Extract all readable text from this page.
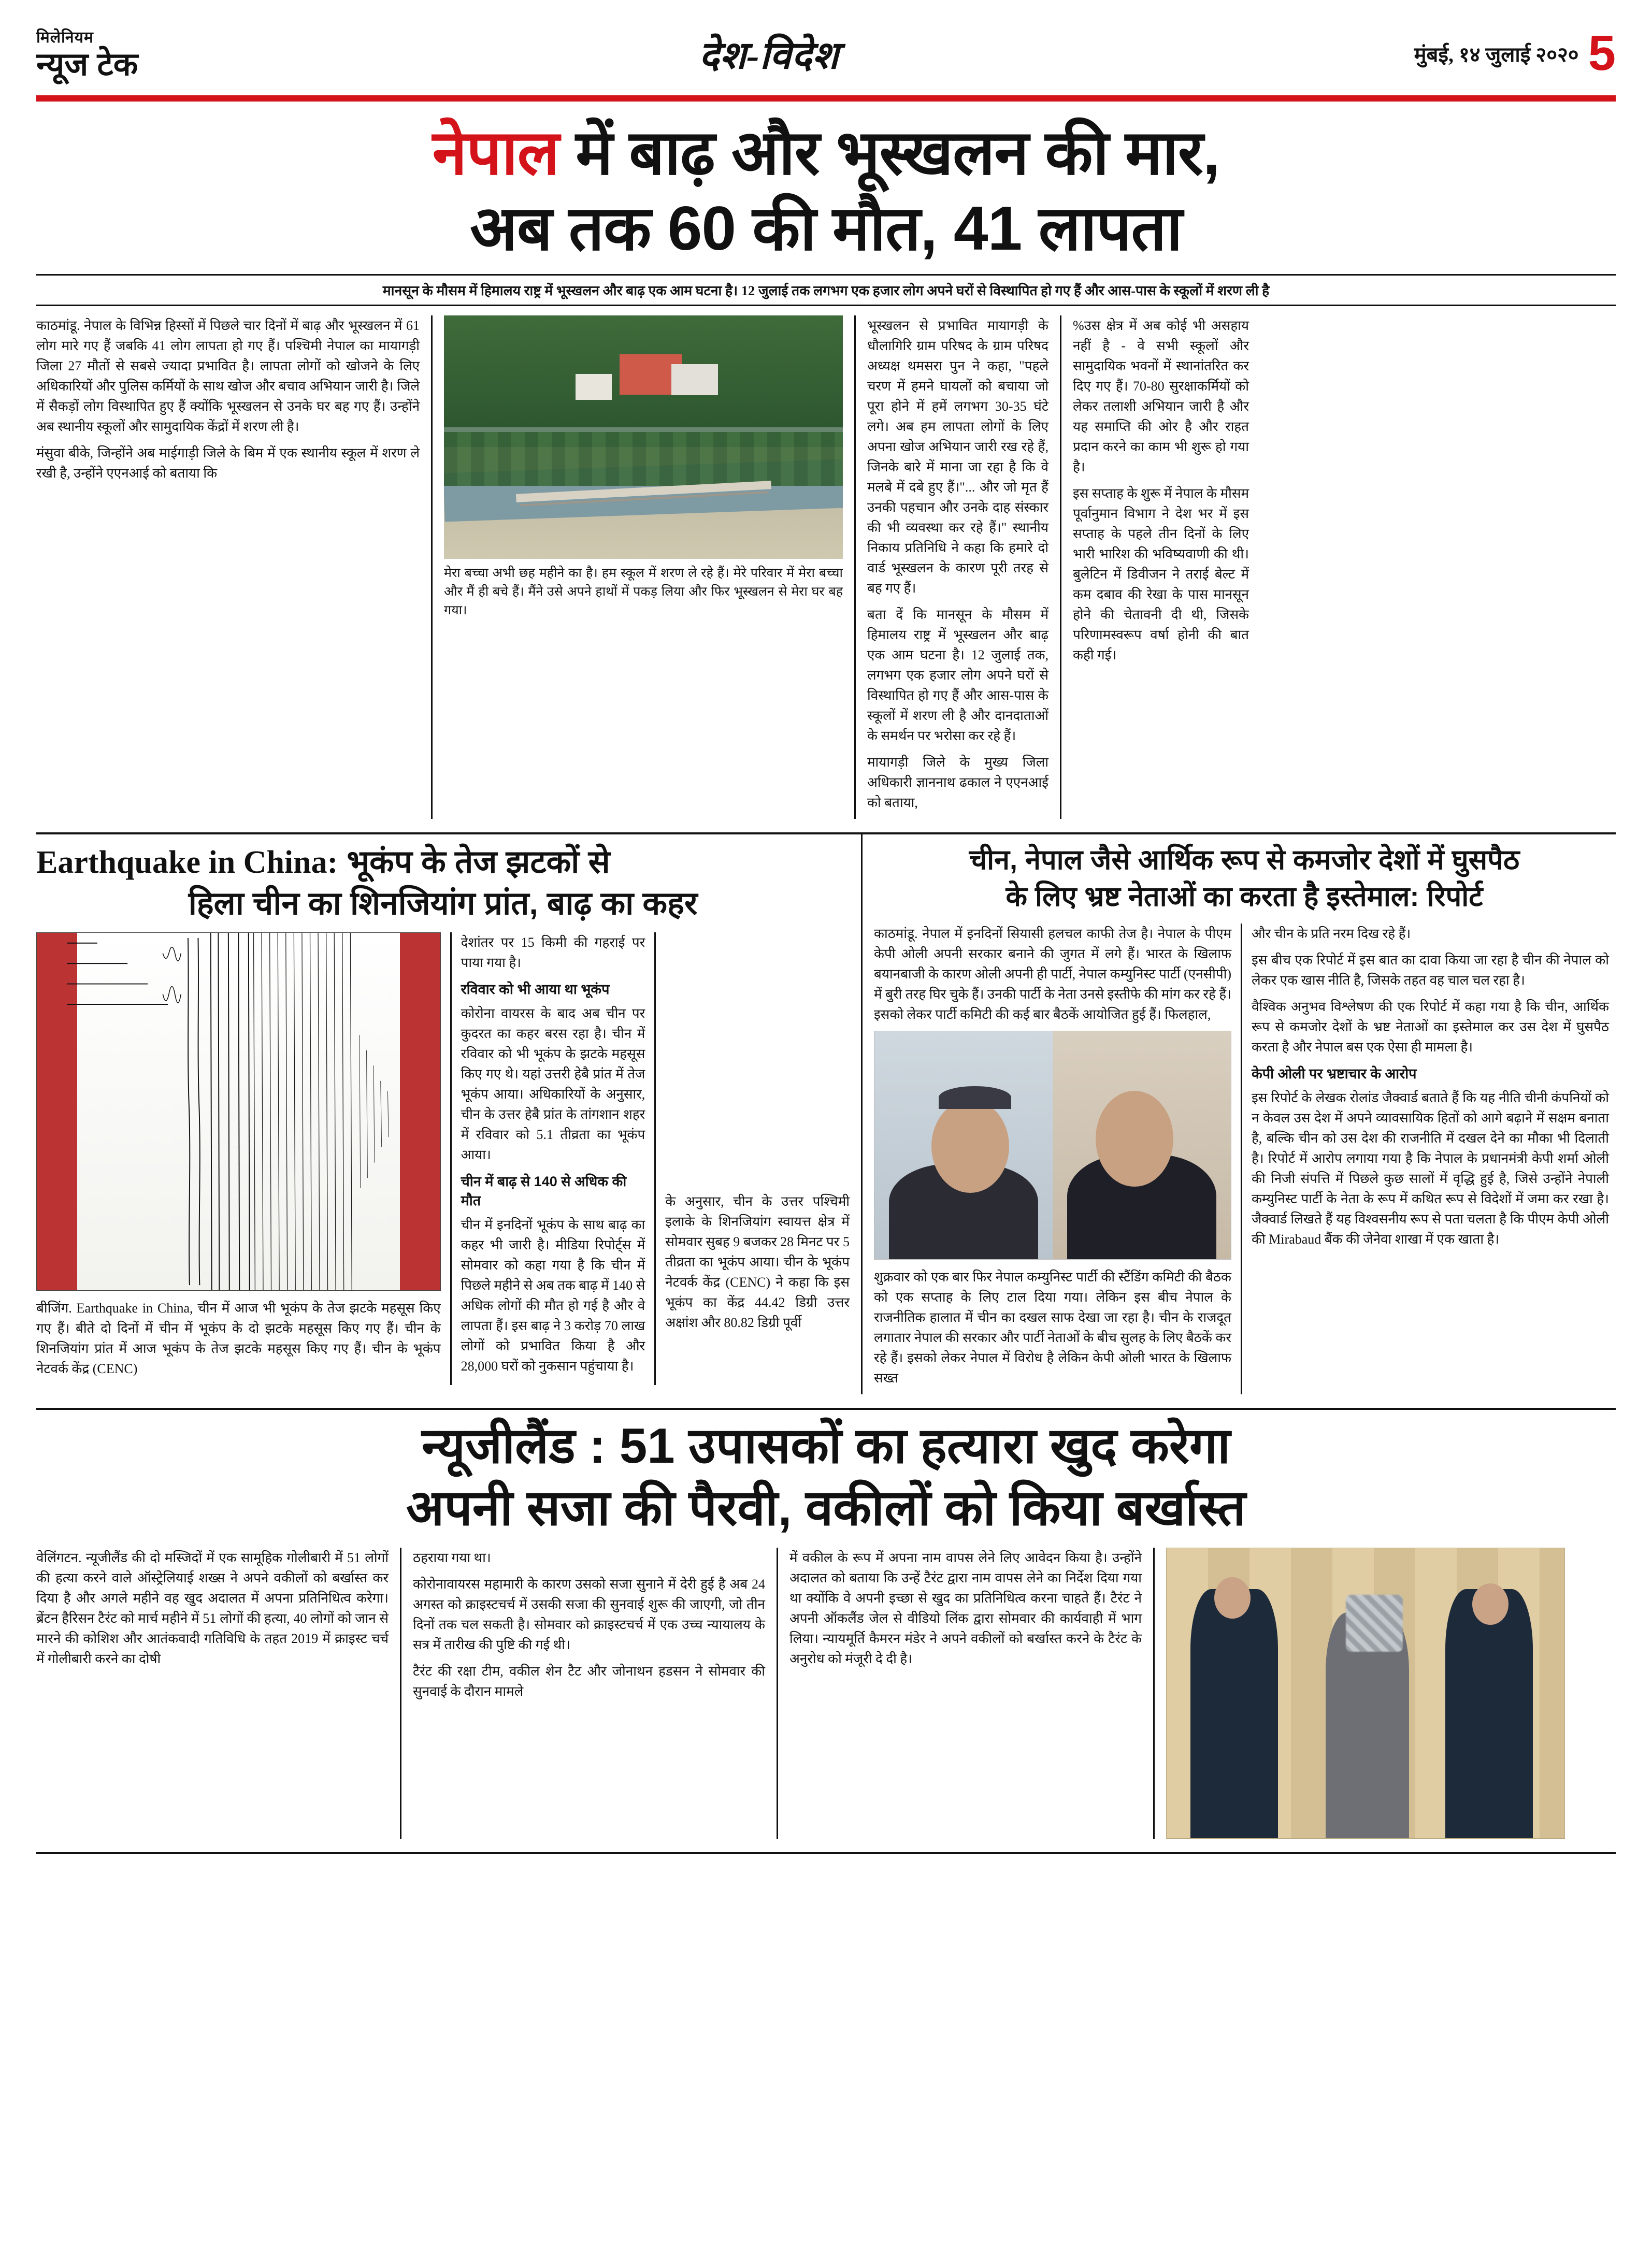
मिलेनियम
न्यूज टेक	देश-विदेश	मुंबई, १४ जुलाई २०२० 5
नेपाल में बाढ़ और भूस्खलन की मार,
अब तक 60 की मौत, 41 लापता
मानसून के मौसम में हिमालय राष्ट्र में भूस्खलन और बाढ़ एक आम घटना है। 12 जुलाई तक लगभग एक हजार लोग अपने घरों से विस्थापित हो गए हैं और आस-पास के स्कूलों में शरण ली है

काठमांडू. नेपाल के विभिन्न हिस्सों में पिछले चार दिनों में बाढ़ और भूस्खलन में 61 लोग मारे गए हैं जबकि 41 लोग लापता हो गए हैं। पश्चिमी नेपाल का मायागड़ी जिला 27 मौतों से सबसे ज्यादा प्रभावित है। लापता लोगों को खोजने के लिए अधिकारियों और पुलिस कर्मियों के साथ खोज और बचाव अभियान जारी है। जिले में सैकड़ों लोग विस्थापित हुए हैं क्योंकि भूस्खलन से उनके घर बह गए हैं। उन्होंने अब स्थानीय स्कूलों और सामुदायिक केंद्रों में शरण ली है।

मंसुवा बीके, जिन्होंने अब माईगाड़ी जिले के बिम में एक स्थानीय स्कूल में शरण ले रखी है, उन्होंने एएनआई को बताया कि

मेरा बच्चा अभी छह महीने का है। हम स्कूल में शरण ले रहे हैं। मेरे परिवार में मेरा बच्चा और मैं ही बचे हैं। मैंने उसे अपने हाथों में पकड़ लिया और फिर भूस्खलन से मेरा घर बह गया।

भूस्खलन से प्रभावित मायागड़ी के धौलागिरि ग्राम परिषद के ग्राम परिषद अध्यक्ष थमसरा पुन ने कहा, "पहले चरण में हमने घायलों को बचाया जो पूरा होने में हमें लगभग 30-35 घंटे लगे। अब हम लापता लोगों के लिए अपना खोज अभियान जारी रख रहे हैं, जिनके बारे में माना जा रहा है कि वे मलबे में दबे हुए हैं।"... और जो मृत हैं उनकी पहचान और उनके दाह संस्कार की भी व्यवस्था कर रहे हैं।" स्थानीय निकाय प्रतिनिधि ने कहा कि हमारे दो वार्ड भूस्खलन के कारण पूरी तरह से बह गए हैं।

बता दें कि मानसून के मौसम में हिमालय राष्ट्र में भूस्खलन और बाढ़ एक आम घटना है। 12 जुलाई तक, लगभग एक हजार लोग अपने घरों से विस्थापित हो गए हैं और आस-पास के स्कूलों में शरण ली है और दानदाताओं के समर्थन पर भरोसा कर रहे हैं।

मायागड़ी जिले के मुख्य जिला अधिकारी ज्ञाननाथ ढकाल ने एएनआई को बताया,

%उस क्षेत्र में अब कोई भी असहाय नहीं है - वे सभी स्कूलों और सामुदायिक भवनों में स्थानांतरित कर दिए गए हैं। 70-80 सुरक्षाकर्मियों को लेकर तलाशी अभियान जारी है और यह समाप्ति की ओर है और राहत प्रदान करने का काम भी शुरू हो गया है।

इस सप्ताह के शुरू में नेपाल के मौसम पूर्वानुमान विभाग ने देश भर में इस सप्ताह के पहले तीन दिनों के लिए भारी भारिश की भविष्यवाणी की थी। बुलेटिन में डिवीजन ने तराई बेल्ट में कम दबाव की रेखा के पास मानसून होने की चेतावनी दी थी, जिसके परिणामस्वरूप वर्षा होनी की बात कही गई।

Earthquake in China: भूकंप के तेज झटकों से
हिला चीन का शिनजियांग प्रांत, बाढ़ का कहर

बीजिंग. Earthquake in China, चीन में आज भी भूकंप के तेज झटके महसूस किए गए हैं। बीते दो दिनों में चीन में भूकंप के दो झटके महसूस किए गए हैं। चीन के शिनजियांग प्रांत में आज भूकंप के तेज झटके महसूस किए गए हैं। चीन के भूकंप नेटवर्क केंद्र (CENC)

देशांतर पर 15 किमी की गहराई पर पाया गया है।

रविवार को भी आया था भूकंप

कोरोना वायरस के बाद अब चीन पर कुदरत का कहर बरस रहा है। चीन में रविवार को भी भूकंप के झटके महसूस किए गए थे। यहां उत्तरी हेबै प्रांत में तेज भूकंप आया। अधिकारियों के अनुसार, चीन के उत्तर हेबै प्रांत के तांगशान शहर में रविवार को 5.1 तीव्रता का भूकंप आया।

चीन में बाढ़ से 140 से अधिक की मौत

चीन में इनदिनों भूकंप के साथ बाढ़ का कहर भी जारी है। मीडिया रिपोर्ट्स में सोमवार को कहा गया है कि चीन में पिछले महीने से अब तक बाढ़ में 140 से अधिक लोगों की मौत हो गई है और वे लापता हैं। इस बाढ़ ने 3 करोड़ 70 लाख लोगों को प्रभावित किया है और 28,000 घरों को नुकसान पहुंचाया है।

के अनुसार, चीन के उत्तर पश्चिमी इलाके के शिनजियांग स्वायत्त क्षेत्र में सोमवार सुबह 9 बजकर 28 मिनट पर 5 तीव्रता का भूकंप आया। चीन के भूकंप नेटवर्क केंद्र (CENC) ने कहा कि इस भूकंप का केंद्र 44.42 डिग्री उत्तर अक्षांश और 80.82 डिग्री पूर्वी

चीन, नेपाल जैसे आर्थिक रूप से कमजोर देशों में घुसपैठ
के लिए भ्रष्ट नेताओं का करता है इस्तेमाल: रिपोर्ट

काठमांडू. नेपाल में इनदिनों सियासी हलचल काफी तेज है। नेपाल के पीएम केपी ओली अपनी सरकार बनाने की जुगत में लगे हैं। भारत के खिलाफ बयानबाजी के कारण ओली अपनी ही पार्टी, नेपाल कम्युनिस्ट पार्टी (एनसीपी) में बुरी तरह घिर चुके हैं। उनकी पार्टी के नेता उनसे इस्तीफे की मांग कर रहे हैं। इसको लेकर पार्टी कमिटी की कई बार बैठकें आयोजित हुई हैं। फिलहाल,

शुक्रवार को एक बार फिर नेपाल कम्युनिस्ट पार्टी की स्टैंडिंग कमिटी की बैठक को एक सप्ताह के लिए टाल दिया गया। लेकिन इस बीच नेपाल के राजनीतिक हालात में चीन का दखल साफ देखा जा रहा है। चीन के राजदूत लगातार नेपाल की सरकार और पार्टी नेताओं के बीच सुलह के लिए बैठकें कर रहे हैं। इसको लेकर नेपाल में विरोध है लेकिन केपी ओली भारत के खिलाफ सख्त

और चीन के प्रति नरम दिख रहे हैं।

इस बीच एक रिपोर्ट में इस बात का दावा किया जा रहा है चीन की नेपाल को लेकर एक खास नीति है, जिसके तहत वह चाल चल रहा है।

वैश्विक अनुभव विश्लेषण की एक रिपोर्ट में कहा गया है कि चीन, आर्थिक रूप से कमजोर देशों के भ्रष्ट नेताओं का इस्तेमाल कर उस देश में घुसपैठ करता है और नेपाल बस एक ऐसा ही मामला है।

केपी ओली पर भ्रष्टाचार के आरोप

इस रिपोर्ट के लेखक रोलांड जैक्वार्ड बताते हैं कि यह नीति चीनी कंपनियों को न केवल उस देश में अपने व्यावसायिक हितों को आगे बढ़ाने में सक्षम बनाता है, बल्कि चीन को उस देश की राजनीति में दखल देने का मौका भी दिलाती है। रिपोर्ट में आरोप लगाया गया है कि नेपाल के प्रधानमंत्री केपी शर्मा ओली की निजी संपत्ति में पिछले कुछ सालों में वृद्धि हुई है, जिसे उन्होंने नेपाली कम्युनिस्ट पार्टी के नेता के रूप में कथित रूप से विदेशों में जमा कर रखा है। जैक्वार्ड लिखते हैं यह विश्वसनीय रूप से पता चलता है कि पीएम केपी ओली की Mirabaud बैंक की जेनेवा शाखा में एक खाता है।

न्यूजीलैंड : 51 उपासकों का हत्यारा खुद करेगा
अपनी सजा की पैरवी, वकीलों को किया बर्खास्त

वेलिंगटन. न्यूजीलैंड की दो मस्जिदों में एक सामूहिक गोलीबारी में 51 लोगों की हत्या करने वाले ऑस्ट्रेलियाई शख्स ने अपने वकीलों को बर्खास्त कर दिया है और अगले महीने वह खुद अदालत में अपना प्रतिनिधित्व करेगा। ब्रेंटन हैरिसन टैरंट को मार्च महीने में 51 लोगों की हत्या, 40 लोगों को जान से मारने की कोशिश और आतंकवादी गतिविधि के तहत 2019 में क्राइस्ट चर्च में गोलीबारी करने का दोषी

ठहराया गया था।

कोरोनावायरस महामारी के कारण उसको सजा सुनाने में देरी हुई है अब 24 अगस्त को क्राइस्टचर्च में उसकी सजा की सुनवाई शुरू की जाएगी, जो तीन दिनों तक चल सकती है। सोमवार को क्राइस्टचर्च में एक उच्च न्यायालय के सत्र में तारीख की पुष्टि की गई थी।

टैरंट की रक्षा टीम, वकील शेन टैट और जोनाथन हडसन ने सोमवार की सुनवाई के दौरान मामले

में वकील के रूप में अपना नाम वापस लेने लिए आवेदन किया है। उन्होंने अदालत को बताया कि उन्हें टैरंट द्वारा नाम वापस लेने का निर्देश दिया गया था क्योंकि वे अपनी इच्छा से खुद का प्रतिनिधित्व करना चाहते हैं। टैरंट ने अपनी ऑकलैंड जेल से वीडियो लिंक द्वारा सोमवार की कार्यवाही में भाग लिया। न्यायमूर्ति कैमरन मंडेर ने अपने वकीलों को बर्खास्त करने के टैरंट के अनुरोध को मंजूरी दे दी है।
